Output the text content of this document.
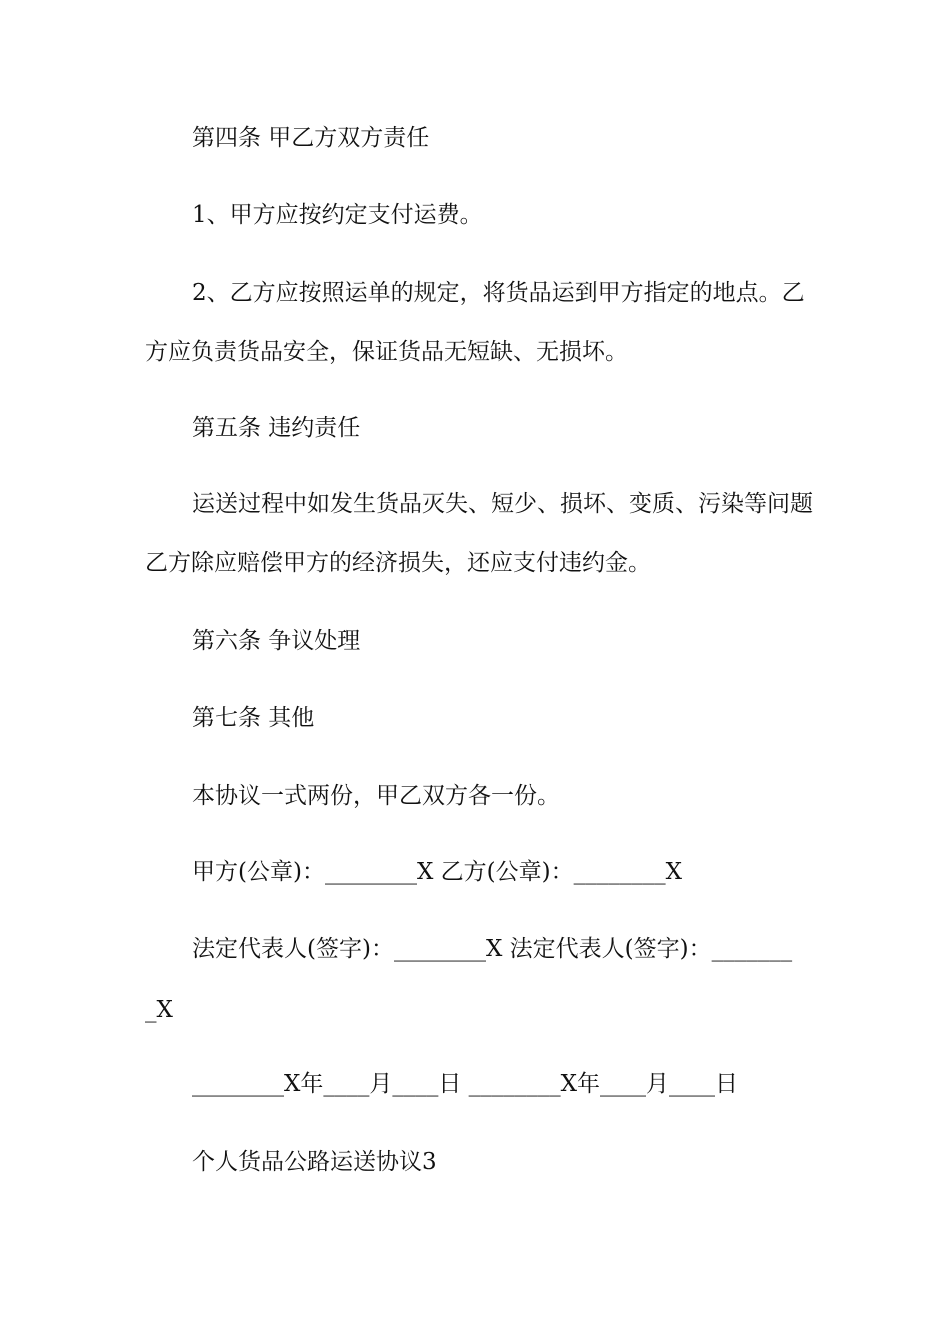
第四条 甲乙方双方责任
1、甲方应按约定支付运费。
2、乙方应按照运单的规定，将货品运到甲方指定的地点。乙
方应负责货品安全，保证货品无短缺、无损坏。
第五条 违约责任
运送过程中如发生货品灭失、短少、损坏、变质、污染等问题
乙方除应赔偿甲方的经济损失，还应支付违约金。
第六条 争议处理
第七条 其他
本协议一式两份，甲乙双方各一份。
甲方(公章)：________X 乙方(公章)：________X
法定代表人(签字)：________X 法定代表人(签字)：_______
_X
________X年____月____日 ________X年____月____日
个人货品公路运送协议3
